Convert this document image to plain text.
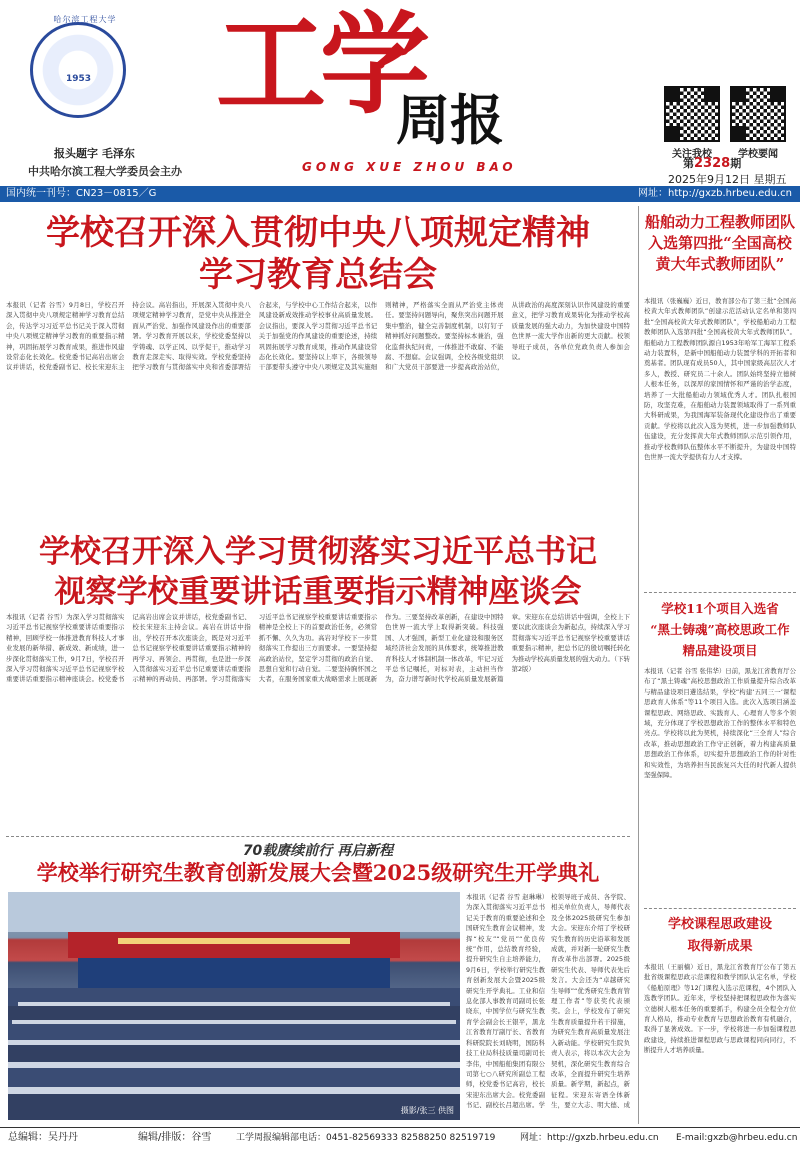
哈尔滨工程大学
1953
报头题字 毛泽东
中共哈尔滨工程大学委员会主办
工学
周报
GONG XUE ZHOU BAO
关注我校	学校要闻
第2328期
2025年9月12日 星期五
国内统一刊号：CN23－0815／G	网址：http://gxzb.hrbeu.edu.cn
学校召开深入贯彻中央八项规定精神
学习教育总结会
本报讯（记者 谷雪）9月8日，学校召开深入贯彻中央八项规定精神学习教育总结会，传达学习习近平总书记关于深入贯彻中央八项规定精神学习教育的重要指示精神，巩固拓展学习教育成果，推进作风建设常态化长效化。校党委书记高岩出席会议并讲话，校党委副书记、校长宋迎东主持会议。高岩指出，开展深入贯彻中央八项规定精神学习教育，是党中央从推进全面从严治党、加强作风建设作出的重要部署。学习教育开展以来，学校党委坚持以学铸魂、以学正风、以学促干，推动学习教育走深走实、取得实效。学校党委坚持把学习教育与贯彻落实中央和省委部署结合起来，与学校中心工作结合起来，以作风建设新成效推动学校事业高质量发展。会议指出，要深入学习贯彻习近平总书记关于加强党的作风建设的重要论述，持续巩固拓展学习教育成果，推动作风建设常态化长效化。要坚持以上率下，各级领导干部要带头遵守中央八项规定及其实施细则精神，严格落实全面从严治党主体责任。要坚持问题导向，聚焦突出问题开展集中整治，健全完善制度机制，以钉钉子精神抓好问题整改。要坚持标本兼治，强化监督执纪问责，一体推进不敢腐、不能腐、不想腐。会议强调，全校各级党组织和广大党员干部要进一步提高政治站位，从讲政治的高度深刻认识作风建设的重要意义，把学习教育成果转化为推动学校高质量发展的强大动力，为加快建设中国特色世界一流大学作出新的更大贡献。校领导班子成员，各单位党政负责人参加会议。
学校召开深入学习贯彻落实习近平总书记
视察学校重要讲话重要指示精神座谈会
本报讯（记者 谷雪）为深入学习贯彻落实习近平总书记视察学校重要讲话重要指示精神，回顾学校一体推进教育科技人才事业发展的新举措、新成效、新成绩，进一步深化贯彻落实工作，9月7日，学校召开深入学习贯彻落实习近平总书记视察学校重要讲话重要指示精神座谈会。校党委书记高岩出席会议并讲话，校党委副书记、校长宋迎东主持会议。高岩在讲话中指出，学校召开本次座谈会，既是对习近平总书记视察学校重要讲话重要指示精神的再学习、再领会、再贯彻，也是进一步深入贯彻落实习近平总书记重要讲话重要指示精神的再动员、再部署。学习贯彻落实习近平总书记视察学校重要讲话重要指示精神是全校上下的首要政治任务，必须常抓不懈、久久为功。高岩对学校下一步贯彻落实工作提出三方面要求。一要坚持提高政治站位，坚定学习贯彻的政治自觉、思想自觉和行动自觉。二要坚持胸怀国之大者，在服务国家重大战略需求上展现新作为。三要坚持改革创新，在建设中国特色世界一流大学上取得新突破。科技强国、人才强国，新型工业化建设和服务区域经济社会发展的具体要求，统筹推进教育科技人才体制机制一体改革，牢记习近平总书记嘱托，对标对表，主动担当作为，奋力谱写新时代学校高质量发展新篇章。宋迎东在总结讲话中强调，全校上下要以此次座谈会为新起点，持续深入学习贯彻落实习近平总书记视察学校重要讲话重要指示精神，把总书记的殷切嘱托转化为推动学校高质量发展的强大动力。（下转第2版）
70载赓续前行 再启新程
学校举行研究生教育创新发展大会暨2025级研究生开学典礼
摄影/张三 供图
本报讯（记者 谷雪 赵琳琳）为深入贯彻落实习近平总书记关于教育的重要论述和全国研究生教育会议精神，发挥“校友”“党员”“优良传统”作用，总结教育经验，提升研究生自主培养能力，9月6日，学校举行研究生教育创新发展大会暨2025级研究生开学典礼。工业和信息化部人事教育司副司长张晓东，中国学位与研究生教育学会副会长王银平，黑龙江省教育厅副厅长、省教育科研院院长刘晓明，国防科技工业局科技质量司副司长李伟，中国船舶集团有限公司第七○八研究所副总工程师，校党委书记高岩，校长宋迎东出席大会。校党委副书记、副校长吕超出席。学校领导班子成员、各学院、相关单位负责人，导师代表及全体2025级研究生参加大会。宋迎东介绍了学校研究生教育的历史沿革和发展成就，并对新一轮研究生教育改革作出部署。2025级研究生代表、导师代表先后发言。大会还为“卓越研究生导师”“优秀研究生教育管理工作者”等获奖代表颁奖。会上，学校发布了研究生教育质量提升若干措施，为研究生教育高质量发展注入新动能。学校研究生院负责人表示，将以本次大会为契机，深化研究生教育综合改革，全面提升研究生培养质量。新学期，新起点，新征程。宋迎东寄语全体新生，要立大志、明大德、成
船舶动力工程教师团队入选第四批“全国高校黄大年式教师团队”
本报讯（张巍巍）近日，教育部公布了第三批“全国高校黄大年式教师团队”创建示范活动认定名单和第四批“全国高校黄大年式教师团队”，学校船舶动力工程教师团队入选第四批“全国高校黄大年式教师团队”。船舶动力工程教师团队源自1953年哈军工海军工程系动力装置科，是新中国船舶动力装置学科的开拓者和奠基者。团队现有成员50人，其中国家级高层次人才多人，教授、研究员二十余人。团队始终坚持立德树人根本任务，以深厚的家国情怀和严谨的治学态度，培养了一大批船舶动力领域优秀人才。团队扎根国防，攻坚克难，在船舶动力装置领域取得了一系列重大科研成果，为我国海军装备现代化建设作出了重要贡献。学校将以此次入选为契机，进一步加强教师队伍建设，充分发挥黄大年式教师团队示范引领作用，推动学校教师队伍整体水平不断提升，为建设中国特色世界一流大学提供有力人才支撑。
学校11个项目入选省
“黑土铸魂”高校思政工作
精品建设项目
本报讯（记者 谷雪 张伟华）日前，黑龙江省教育厅公布了“黑土铸魂”高校思想政治工作质量提升综合改革与精品建设项目遴选结果，学校“构建‘五同三一’课程思政育人体系”等11个项目入选。此次入选项目涵盖课程思政、网络思政、实践育人、心理育人等多个领域，充分体现了学校思想政治工作的整体水平和特色亮点。学校将以此为契机，持续深化“三全育人”综合改革，推动思想政治工作守正创新，着力构建高质量思想政治工作体系，切实提升思想政治工作的针对性和实效性，为培养担当民族复兴大任的时代新人提供坚强保障。
学校课程思政建设
取得新成果
本报讯（王丽楠）近日，黑龙江省教育厅公布了第五批省级课程思政示范课程和教学团队认定名单，学校《船舶原理》等12门课程入选示范课程，4个团队入选教学团队。近年来，学校坚持把课程思政作为落实立德树人根本任务的重要抓手，构建全员全程全方位育人格局，推动专业教育与思想政治教育有机融合，取得了显著成效。下一步，学校将进一步加强课程思政建设，持续推进课程思政与思政课程同向同行，不断提升人才培养质量。
总编辑：吴丹丹	编辑/排版：谷雪	工学周报编辑部电话：0451-82569333 82588250 82519719	网址：http://gxzb.hrbeu.edu.cn E-mail:gxzb@hrbeu.edu.cn
